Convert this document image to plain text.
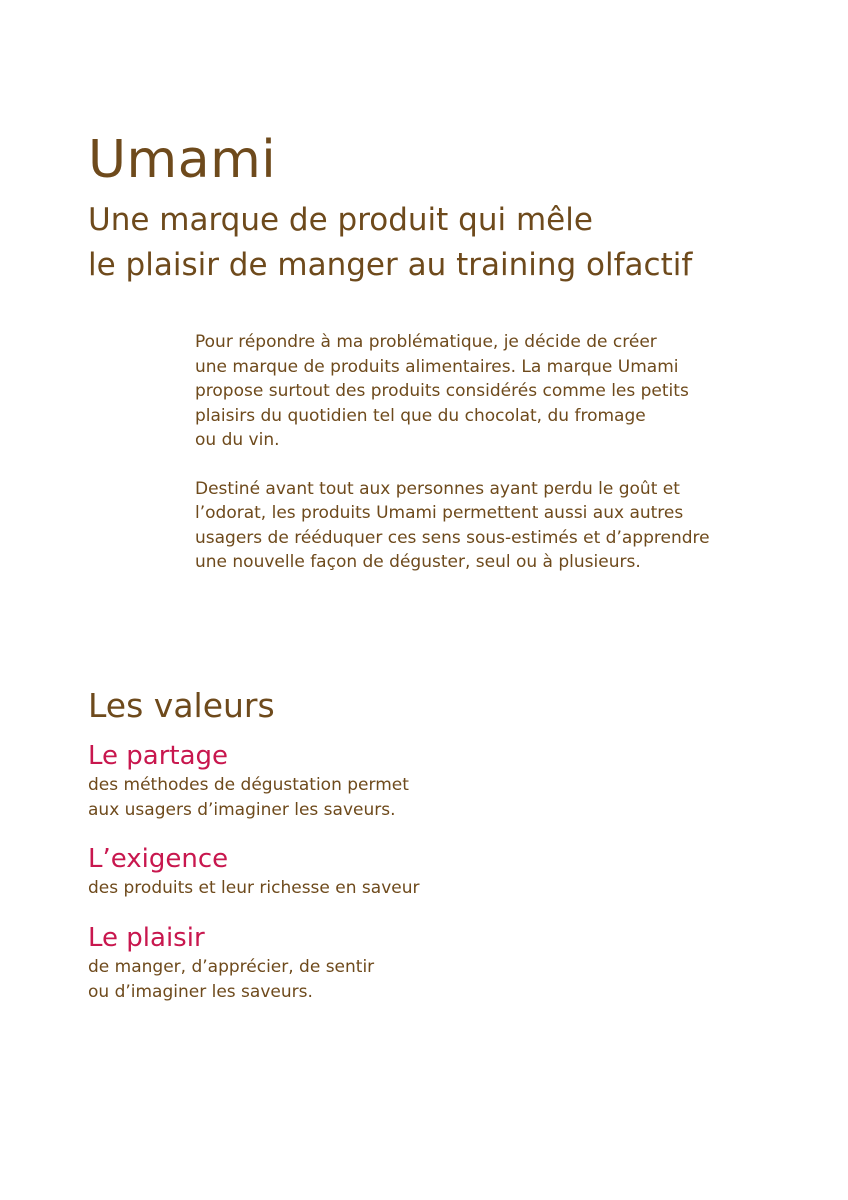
Umami
Une marque de produit qui mêle
le plaisir de manger au training olfactif

Pour répondre à ma problématique, je décide de créer
une marque de produits alimentaires. La marque Umami
propose surtout des produits considérés comme les petits
plaisirs du quotidien tel que du chocolat, du fromage
ou du vin.

Destiné avant tout aux personnes ayant perdu le goût et
l’odorat, les produits Umami permettent aussi aux autres
usagers de rééduquer ces sens sous-estimés et d’apprendre
une nouvelle façon de déguster, seul ou à plusieurs.

Les valeurs
Le partage

des méthodes de dégustation permet
aux usagers d’imaginer les saveurs.

L’exigence

des produits et leur richesse en saveur

Le plaisir

de manger, d’apprécier, de sentir
ou d’imaginer les saveurs.
